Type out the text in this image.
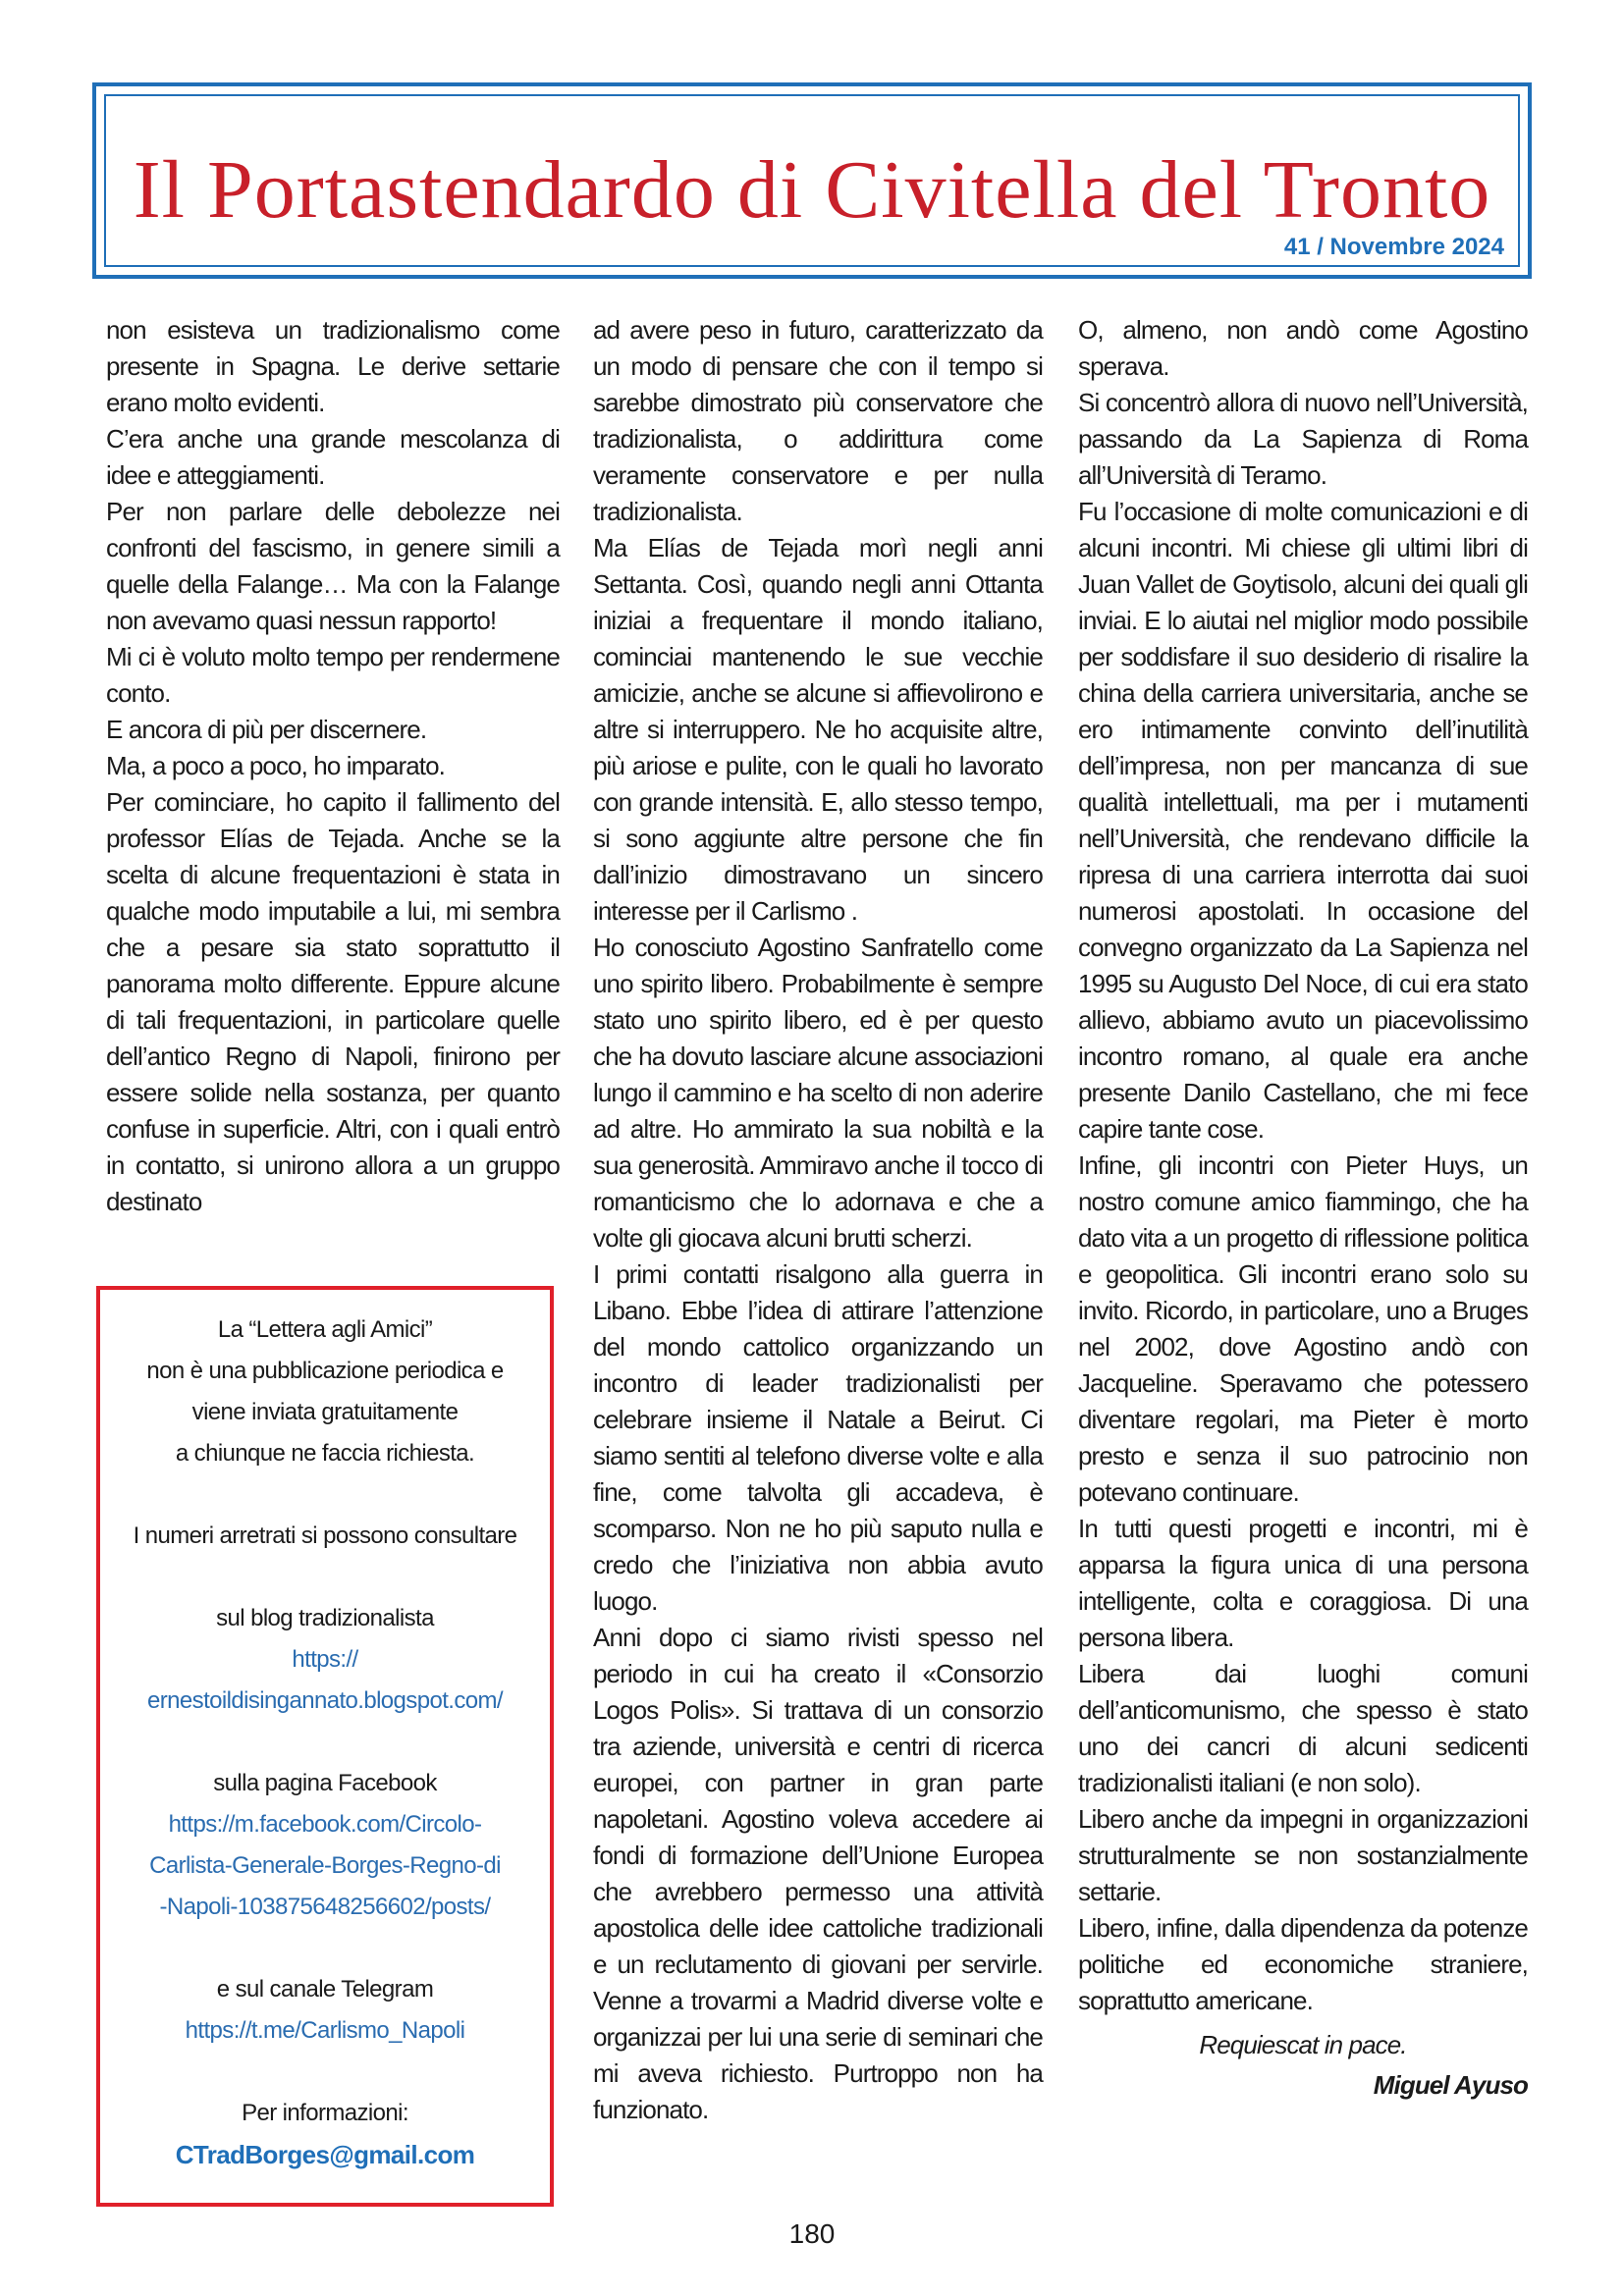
Il Portastendardo di Civitella del Tronto
41 / Novembre 2024

non esisteva un tradizionalismo come presente in Spagna. Le derive settarie erano molto evidenti.

C’era anche una grande mescolanza di idee e atteggiamenti.

Per non parlare delle debolezze nei confronti del fascismo, in genere simili a quelle della Falange… Ma con la Falange non avevamo quasi nessun rapporto!

Mi ci è voluto molto tempo per rendermene conto.

E ancora di più per discernere.

Ma, a poco a poco, ho imparato.

Per cominciare, ho capito il fallimento del professor Elías de Tejada. Anche se la scelta di alcune frequentazioni è stata in qualche modo imputabile a lui, mi sembra che a pesare sia stato soprattutto il panorama molto differente. Eppure alcune di tali frequentazioni, in particolare quelle dell’antico Regno di Napoli, finirono per essere solide nella sostanza, per quanto confuse in superficie. Altri, con i quali entrò in contatto, si unirono allora a un gruppo destinato

ad avere peso in futuro, caratterizzato da un modo di pensare che con il tempo si sarebbe dimostrato più conservatore che tradizionalista, o addirittura come veramente conservatore e per nulla tradizionalista.

Ma Elías de Tejada morì negli anni Settanta. Così, quando negli anni Ottanta iniziai a frequentare il mondo italiano, cominciai mantenendo le sue vecchie amicizie, anche se alcune si affievolirono e altre si interruppero. Ne ho acquisite altre, più ariose e pulite, con le quali ho lavorato con grande intensità. E, allo stesso tempo, si sono aggiunte altre persone che fin dall’inizio dimostravano un sincero interesse per il Carlismo .

Ho conosciuto Agostino Sanfratello come uno spirito libero. Probabilmente è sempre stato uno spirito libero, ed è per questo che ha dovuto lasciare alcune associazioni lungo il cammino e ha scelto di non aderire ad altre. Ho ammirato la sua nobiltà e la sua generosità. Ammiravo anche il tocco di romanticismo che lo adornava e che a volte gli giocava alcuni brutti scherzi.

I primi contatti risalgono alla guerra in Libano. Ebbe l’idea di attirare l’attenzione del mondo cattolico organizzando un incontro di leader tradizionalisti per celebrare insieme il Natale a Beirut. Ci siamo sentiti al telefono diverse volte e alla fine, come talvolta gli accadeva, è scomparso. Non ne ho più saputo nulla e credo che l’iniziativa non abbia avuto luogo.

Anni dopo ci siamo rivisti spesso nel periodo in cui ha creato il «Consorzio Logos Polis». Si trattava di un consorzio tra aziende, università e centri di ricerca europei, con partner in gran parte napoletani. Agostino voleva accedere ai fondi di formazione dell’Unione Europea che avrebbero permesso una attività apostolica delle idee cattoliche tradizionali e un reclutamento di giovani per servirle. Venne a trovarmi a Madrid diverse volte e organizzai per lui una serie di seminari che mi aveva richiesto. Purtroppo non ha funzionato.

O, almeno, non andò come Agostino sperava.

Si concentrò allora di nuovo nell’Università, passando da La Sapienza di Roma all’Università di Teramo.

Fu l’occasione di molte comunicazioni e di alcuni incontri. Mi chiese gli ultimi libri di Juan Vallet de Goytisolo, alcuni dei quali gli inviai. E lo aiutai nel miglior modo possibile per soddisfare il suo desiderio di risalire la china della carriera universitaria, anche se ero intimamente convinto dell’inutilità dell’impresa, non per mancanza di sue qualità intellettuali, ma per i mutamenti nell’Università, che rendevano difficile la ripresa di una carriera interrotta dai suoi numerosi apostolati. In occasione del convegno organizzato da La Sapienza nel 1995 su Augusto Del Noce, di cui era stato allievo, abbiamo avuto un piacevolissimo incontro romano, al quale era anche presente Danilo Castellano, che mi fece capire tante cose.

Infine, gli incontri con Pieter Huys, un nostro comune amico fiammingo, che ha dato vita a un progetto di riflessione politica e geopolitica. Gli incontri erano solo su invito. Ricordo, in particolare, uno a Bruges nel 2002, dove Agostino andò con Jacqueline. Speravamo che potessero diventare regolari, ma Pieter è morto presto e senza il suo patrocinio non potevano continuare.

In tutti questi progetti e incontri, mi è apparsa la figura unica di una persona intelligente, colta e coraggiosa. Di una persona libera.

Libera dai luoghi comuni dell’anticomunismo, che spesso è stato uno dei cancri di alcuni sedicenti tradizionalisti italiani (e non solo).

Libero anche da impegni in organizzazioni strutturalmente se non sostanzialmente settarie.

Libero, infine, dalla dipendenza da potenze politiche ed economiche straniere, soprattutto americane.

Requiescat in pace.

Miguel Ayuso

La “Lettera agli Amici”

non è una pubblicazione periodica e

viene inviata gratuitamente

a chiunque ne faccia richiesta.

I numeri arretrati si possono consultare

sul blog tradizionalista

https://

ernestoildisingannato.blogspot.com/

sulla pagina Facebook

https://m.facebook.com/Circolo-

Carlista-Generale-Borges-Regno-di

-Napoli-103875648256602/posts/

e sul canale Telegram

https://t.me/Carlismo_Napoli

Per informazioni:

CTradBorges@gmail.com

180
